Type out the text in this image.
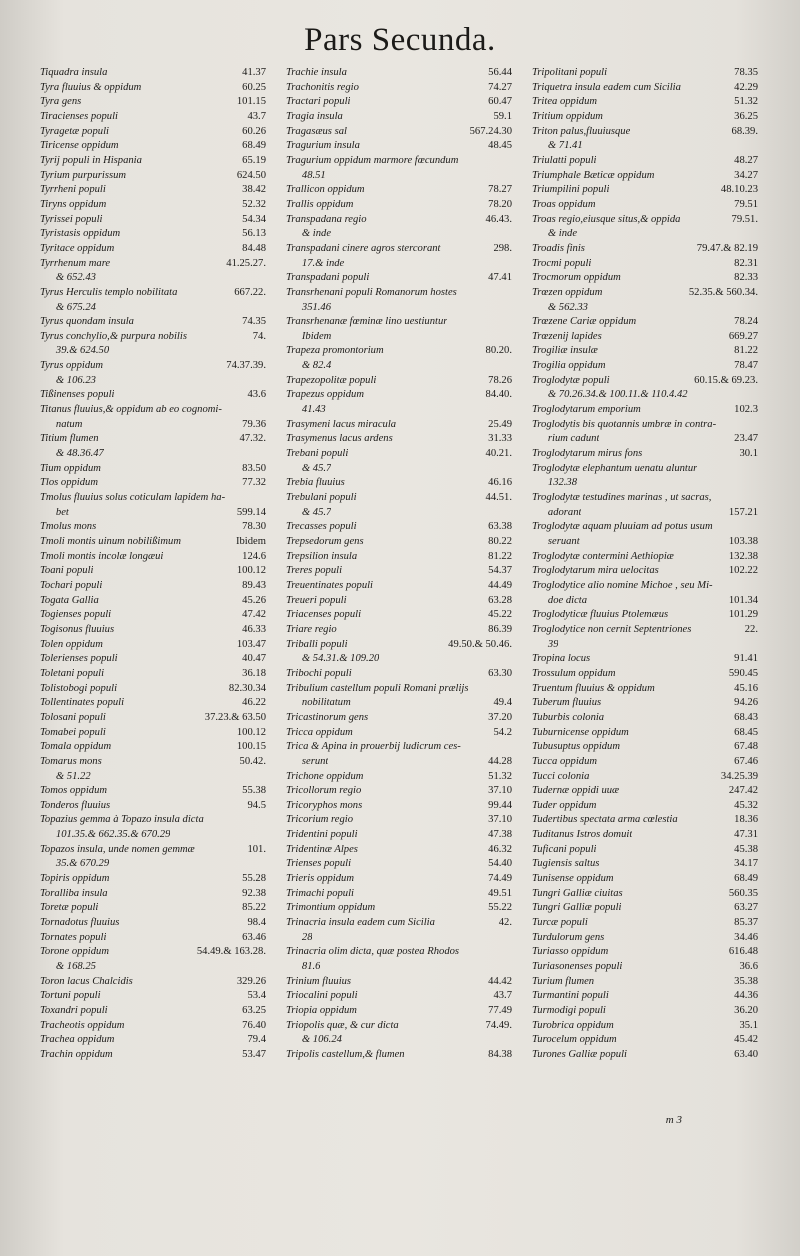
Pars Secunda.
Tiquadra insula	41.37
Tyra fluuius & oppidum	60.25
Tyra gens	101.15
Tiracienses populi	43.7
Tyragetæ populi	60.26
Tiricense oppidum	68.49
Tyrij populi in Hispania	65.19
Tyrium purpurissum	624.50
Tyrrheni populi	38.42
Tiryns oppidum	52.32
Tyrissei populi	54.34
Tyristasis oppidum	56.13
Tyritace oppidum	84.48
Tyrrhenum mare	41.25.27.
  & 652.43
Tyrus Herculis templo nobilitata	667.22.
  & 675.24
Tyrus quondam insula	74.35
Tyrus conchylio,& purpura nobilis	74.
  39.& 624.50
Tyrus oppidum	74.37.39.
  & 106.23
Tißinenses populi	43.6
Titanus fluuius,& oppidum ab eo cognomi-
  natum	79.36
Titium flumen	47.32.
  & 48.36.47
Tium oppidum	83.50
Tlos oppidum	77.32
Tmolus fluuius solus coticulam lapidem ha-
  bet	599.14
Tmolus mons	78.30
Tmoli montis uinum nobilißimum	Ibidem
Tmoli montis incolæ longæui	124.6
Toani populi	100.12
Tochari populi	89.43
Togata Gallia	45.26
Togienses populi	47.42
Togisonus fluuius	46.33
Tolen oppidum	103.47
Tolerienses populi	40.47
Toletani populi	36.18
Tolistobogi populi	82.30.34
Tollentinates populi	46.22
Tolosani populi	37.23.& 63.50
Tomabei populi	100.12
Tomala oppidum	100.15
Tomarus mons	50.42.
  & 51.22
Tomos oppidum	55.38
Tonderos fluuius	94.5
Topazius gemma à Topazo insula dicta
  101.35.& 662.35.& 670.29
Topazos insula, unde nomen gemmæ	101.
  35.& 670.29
Topiris oppidum	55.28
Toralliba insula	92.38
Toretæ populi	85.22
Tornadotus fluuius	98.4
Tornates populi	63.46
Torone oppidum	54.49.& 163.28.
  & 168.25
Toron lacus Chalcidis	329.26
Tortuni populi	53.4
Toxandri populi	63.25
Tracheotis oppidum	76.40
Trachea oppidum	79.4
Trachin oppidum	53.47
Trachie insula	56.44
Trachonitis regio	74.27
Tractari populi	60.47
Tragia insula	59.1
Tragasæus sal	567.24.30
Tragurium insula	48.45
Tragurium oppidum marmore fœcundum
  48.51
Trallicon oppidum	78.27
Trallis oppidum	78.20
Transpadana regio	46.43.
  & inde
Transpadani cinere agros stercorant	298.
  17.& inde
Transpadani populi	47.41
Transrhenani populi Romanorum hostes
  351.46
Transrhenanæ fœminæ lino uestiuntur
  Ibidem
Trapeza promontorium	80.20.
  & 82.4
Trapezopolitæ populi	78.26
Trapezus oppidum	84.40.
  41.43
Trasymeni lacus miracula	25.49
Trasymenus lacus ardens	31.33
Trebani populi	40.21.
  & 45.7
Trebia fluuius	46.16
Trebulani populi	44.51.
  & 45.7
Trecasses populi	63.38
Trepsedorum gens	80.22
Trepsilion insula	81.22
Treres populi	54.37
Treuentinates populi	44.49
Treueri populi	63.28
Triacenses populi	45.22
Triare regio	86.39
Triballi populi	49.50.& 50.46.
  & 54.31.& 109.20
Tribochi populi	63.30
Tribulium castellum populi Romani prælijs
  nobilitatum	49.4
Tricastinorum gens	37.20
Tricca oppidum	54.2
Trica & Apina in prouerbij ludicrum ces-
  serunt	44.28
Trichone oppidum	51.32
Tricollorum regio	37.10
Tricoryphos mons	99.44
Tricorium regio	37.10
Tridentini populi	47.38
Tridentinæ Alpes	46.32
Trienses populi	54.40
Trieris oppidum	74.49
Trimachi populi	49.51
Trimontium oppidum	55.22
Trinacria insula eadem cum Sicilia	42.
  28
Trinacria olim dicta, quæ postea Rhodos
  81.6
Trinium fluuius	44.42
Triocalini populi	43.7
Triopia oppidum	77.49
Triopolis quæ, & cur dicta	74.49.
  & 106.24
Tripolis castellum,& flumen	84.38
Tripolitani populi	78.35
Triquetra insula eadem cum Sicilia	42.29
Tritea oppidum	51.32
Tritium oppidum	36.25
Triton palus,fluuiusque	68.39.
  & 71.41
Triulatti populi	48.27
Triumphale Bæticæ oppidum	34.27
Triumpilini populi	48.10.23
Troas oppidum	79.51
Troas regio,eiusque situs,& oppida	79.51.
  & inde
Troadis finis	79.47.& 82.19
Trocmi populi	82.31
Trocmorum oppidum	82.33
Trœzen oppidum	52.35.& 560.34.
  & 562.33
Trœzene Cariæ oppidum	78.24
Trœzenij lapides	669.27
Trogiliæ insulæ	81.22
Trogilia oppidum	78.47
Troglodytæ populi	60.15.& 69.23.
  & 70.26.34.& 100.11.& 110.4.42
Troglodytarum emporium	102.3
Troglodytis bis quotannis umbræ in contra-
  rium cadunt	23.47
Troglodytarum mirus fons	30.1
Troglodytæ elephantum uenatu aluntur
  132.38
Troglodytæ testudines marinas , ut sacras,
  adorant	157.21
Troglodytæ aquam pluuiam ad potus usum
  seruant	103.38
Troglodytæ contermini Aethiopiæ	132.38
Troglodytarum mira uelocitas	102.22
Troglodytice alio nomine Michoe , seu Mi-
  doe dicta	101.34
Troglodyticæ fluuius Ptolemæus	101.29
Troglodytice non cernit Septentriones	22.
  39
Tropina locus	91.41
Trossulum oppidum	590.45
Truentum fluuius & oppidum	45.16
Tuberum fluuius	94.26
Tuburbis colonia	68.43
Tuburnicense oppidum	68.45
Tubusuptus oppidum	67.48
Tucca oppidum	67.46
Tucci colonia	34.25.39
Tudernæ oppidi uuæ	247.42
Tuder oppidum	45.32
Tudertibus spectata arma cœlestia	18.36
Tuditanus Istros domuit	47.31
Tuficani populi	45.38
Tugiensis saltus	34.17
Tunisense oppidum	68.49
Tungri Galliæ ciuitas	560.35
Tungri Galliæ populi	63.27
Turcæ populi	85.37
Turdulorum gens	34.46
Turiasso oppidum	616.48
Turiasonenses populi	36.6
Turium flumen	35.38
Turmantini populi	44.36
Turmodigi populi	36.20
Turobrica oppidum	35.1
Turocelum oppidum	45.42
Turones Galliæ populi	63.40
m 3
